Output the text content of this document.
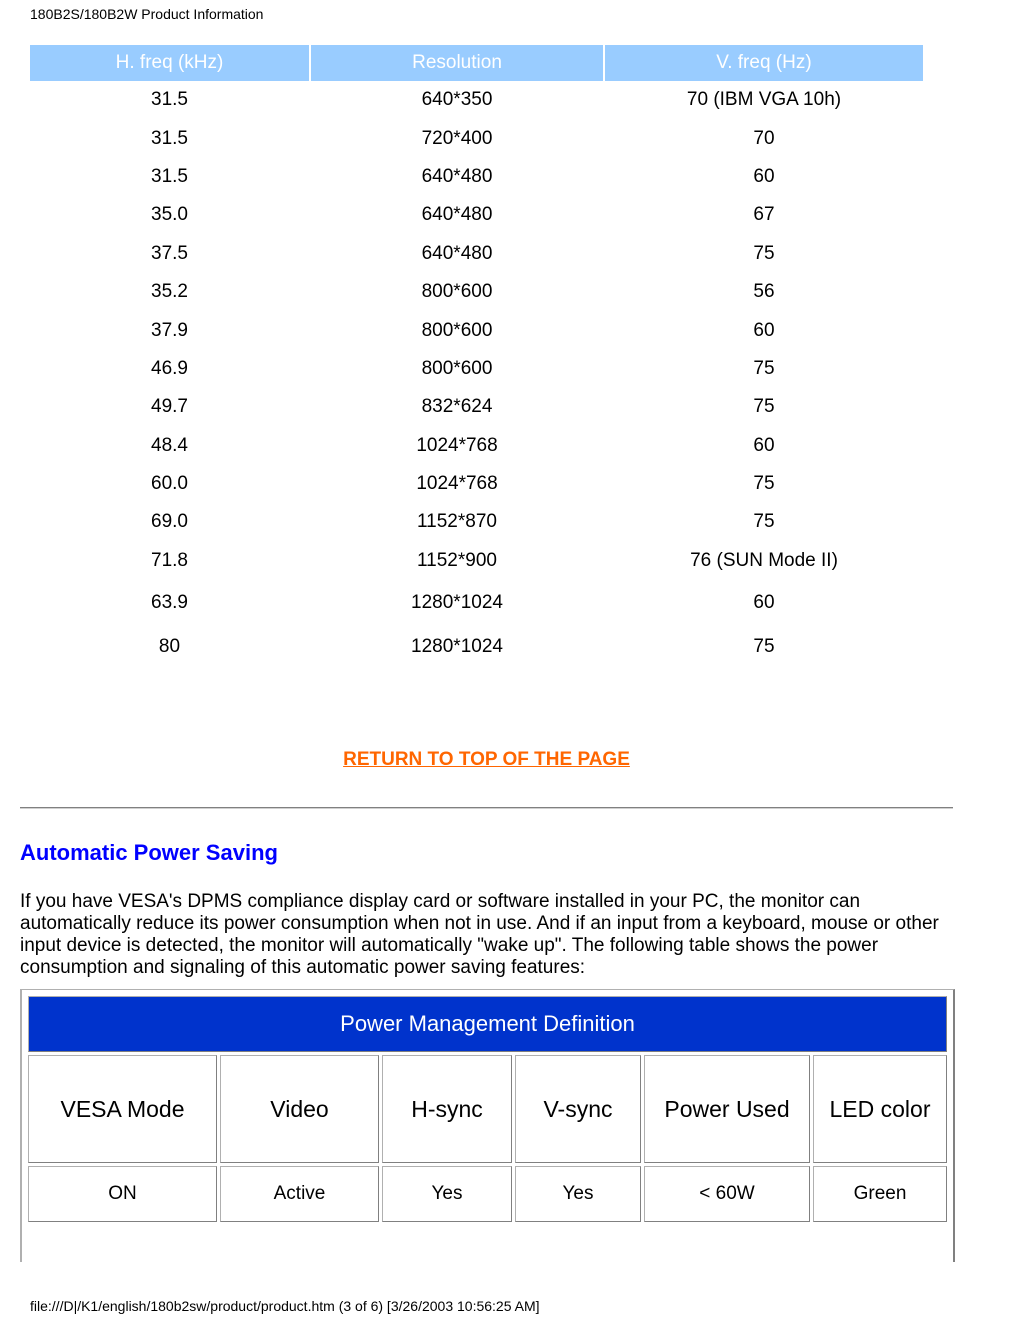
180B2S/180B2W Product Information
H. freq (kHz)	Resolution	V. freq (Hz)
31.5	640*350	70 (IBM VGA 10h)
31.5	720*400	70
31.5	640*480	60
35.0	640*480	67
37.5	640*480	75
35.2	800*600	56
37.9	800*600	60
46.9	800*600	75
49.7	832*624	75
48.4	1024*768	60
60.0	1024*768	75
69.0	1152*870	75
71.8	1152*900	76 (SUN Mode II)
63.9	1280*1024	60
80	1280*1024	75
RETURN TO TOP OF THE PAGE
Automatic Power Saving
If you have VESA's DPMS compliance display card or software installed in your PC, the monitor can automatically reduce its power consumption when not in use. And if an input from a keyboard, mouse or other input device is detected, the monitor will automatically "wake up". The following table shows the power consumption and signaling of this automatic power saving features:
Power Management Definition					
VESA Mode	Video	H-sync	V-sync	Power Used	LED color
ON	Active	Yes	Yes	< 60W	Green
file:///D|/K1/english/180b2sw/product/product.htm (3 of 6) [3/26/2003 10:56:25 AM]
